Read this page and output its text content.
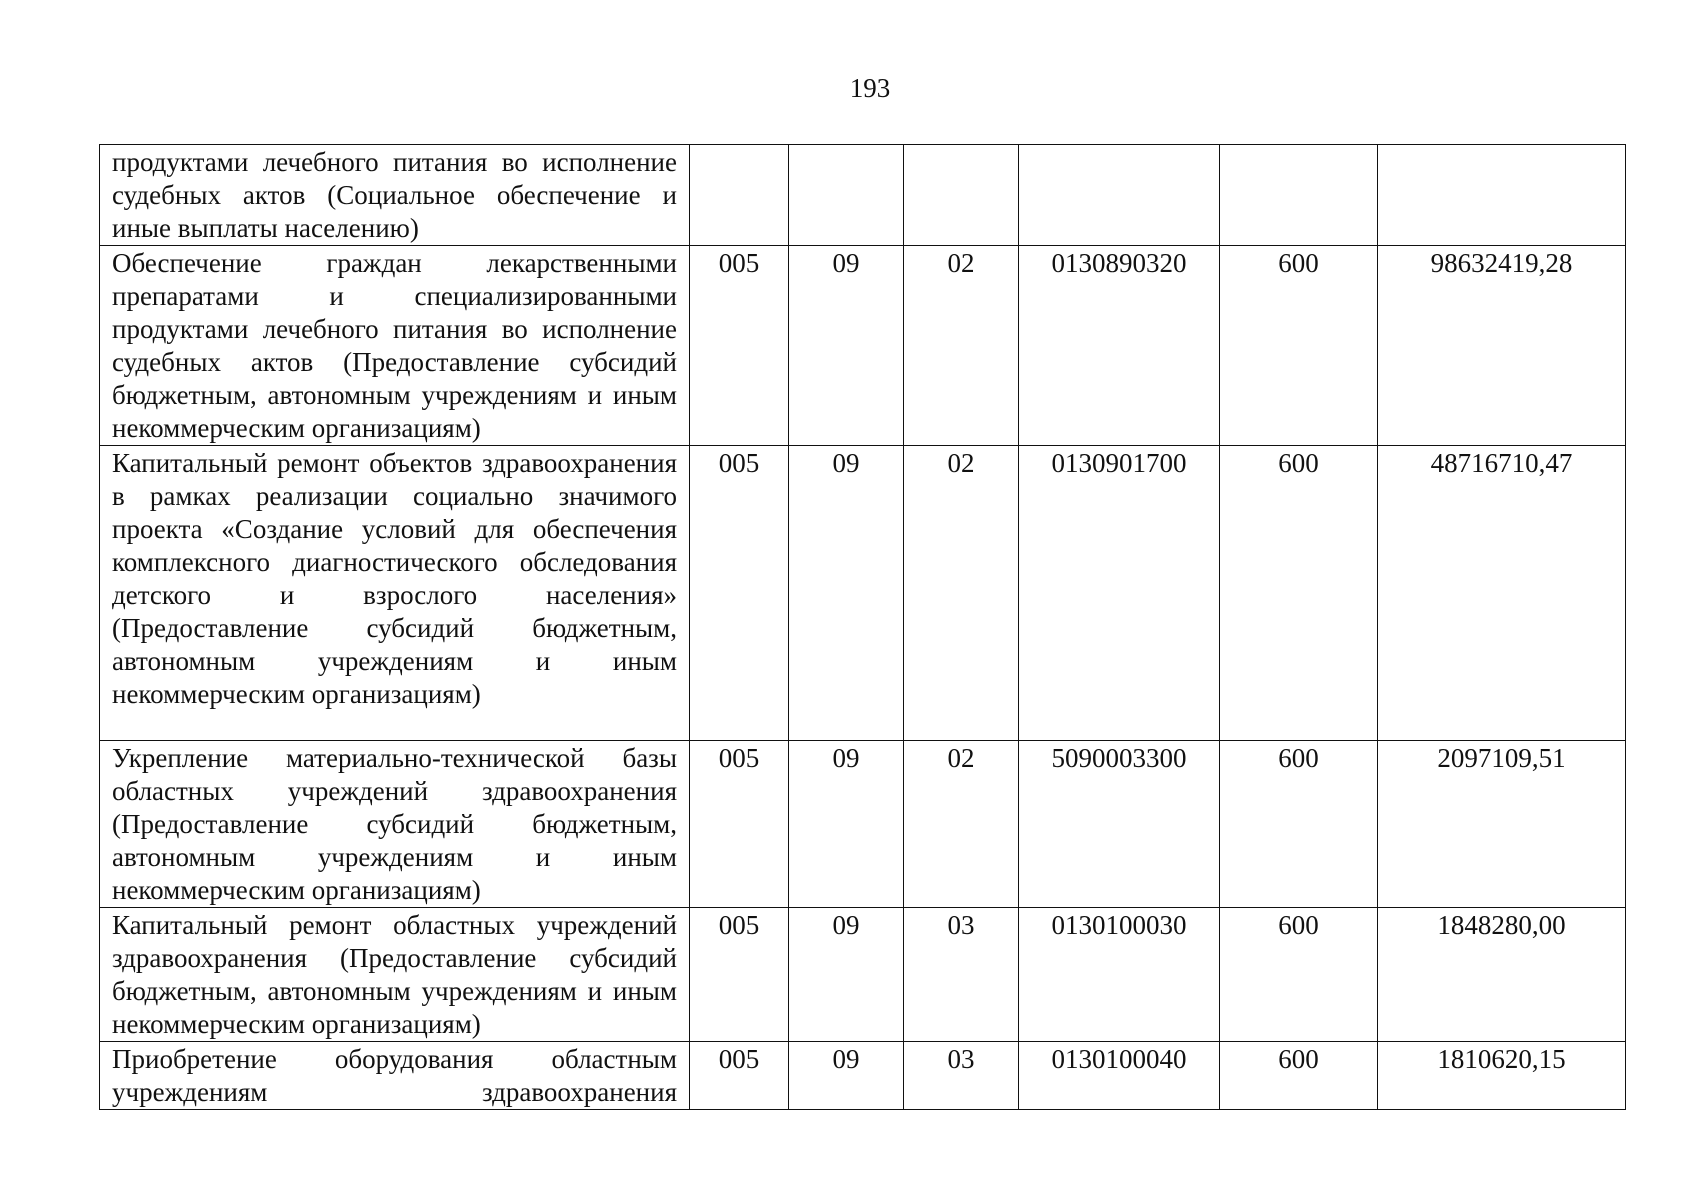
193
продуктами лечебного питания во исполнение судебных актов (Социальное обеспечение и иные выплаты населению)						
Обеспечение граждан лекарственными препаратами и специализированными продуктами лечебного питания во исполнение судебных актов (Предоставление субсидий бюджетным, автономным учреждениям и иным некоммерческим организациям)	005	09	02	0130890320	600	98632419,28
Капитальный ремонт объектов здравоохранения в рамках реализации социально значимого проекта «Создание условий для обеспечения комплексного диагностического обследования детского и взрослого населения» (Предоставление субсидий бюджетным, автономным учреждениям и иным некоммерческим организациям)	005	09	02	0130901700	600	48716710,47
Укрепление материально-технической базы областных учреждений здравоохранения (Предоставление субсидий бюджетным, автономным учреждениям и иным некоммерческим организациям)	005	09	02	5090003300	600	2097109,51
Капитальный ремонт областных учреждений здравоохранения (Предоставление субсидий бюджетным, автономным учреждениям и иным некоммерческим организациям)	005	09	03	0130100030	600	1848280,00
Приобретение оборудования областным учреждениям здравоохранения	005	09	03	0130100040	600	1810620,15
